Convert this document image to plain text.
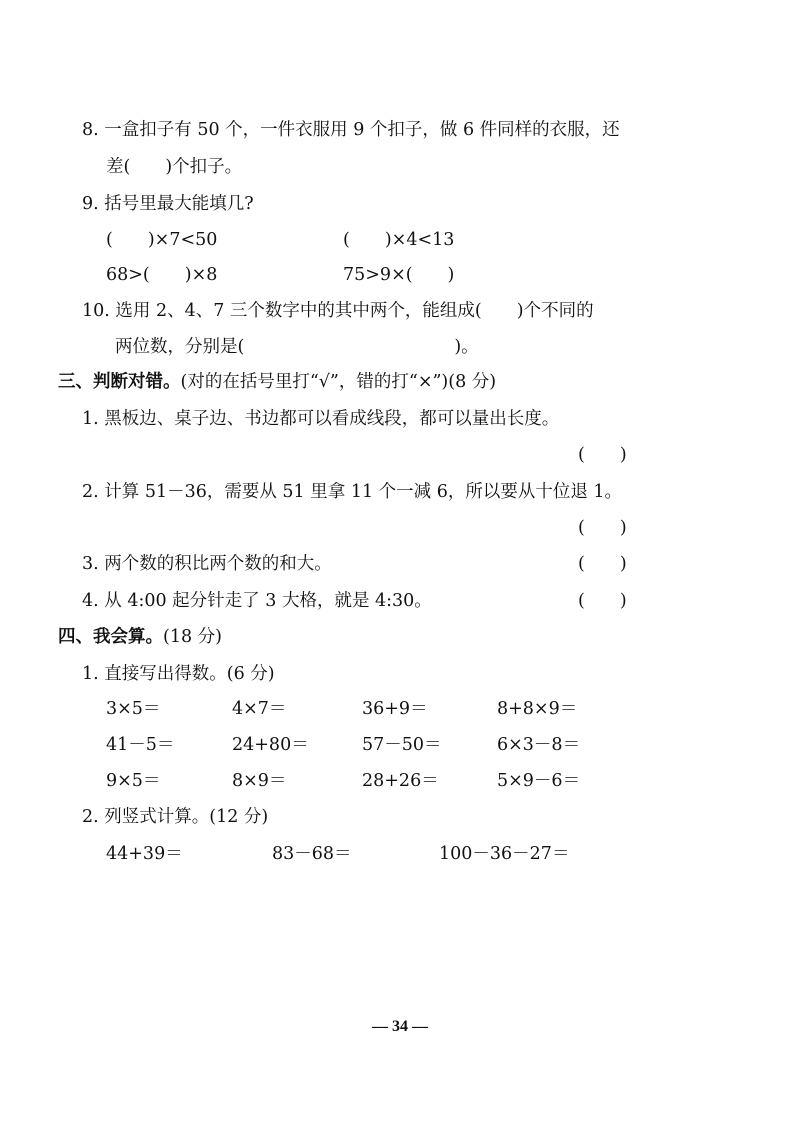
8. 一盒扣子有 50 个，一件衣服用 9 个扣子，做 6 件同样的衣服，还
差(　　)个扣子。
9. 括号里最大能填几?
(　　)×7<50	(　　)×4<13
68>(　　)×8	75>9×(　　)
10. 选用 2、4、7 三个数字中的其中两个，能组成(　　)个不同的
两位数，分别是(　　　　　　　　　　　　)。
三、判断对错。(对的在括号里打“√”，错的打“×”)(8 分)
1. 黑板边、桌子边、书边都可以看成线段，都可以量出长度。
(　　)
2. 计算 51－36，需要从 51 里拿 11 个一减 6，所以要从十位退 1。
(　　)
3. 两个数的积比两个数的和大。	(　　)
4. 从 4:00 起分针走了 3 大格，就是 4:30。	(　　)
四、我会算。(18 分)
1. 直接写出得数。(6 分)
3×5＝	4×7＝	36+9＝	8+8×9＝
41－5＝	24+80＝	57－50＝	6×3－8＝
9×5＝	8×9＝	28+26＝	5×9－6＝
2. 列竖式计算。(12 分)
44+39＝	83－68＝	100－36－27＝
— 34 —
